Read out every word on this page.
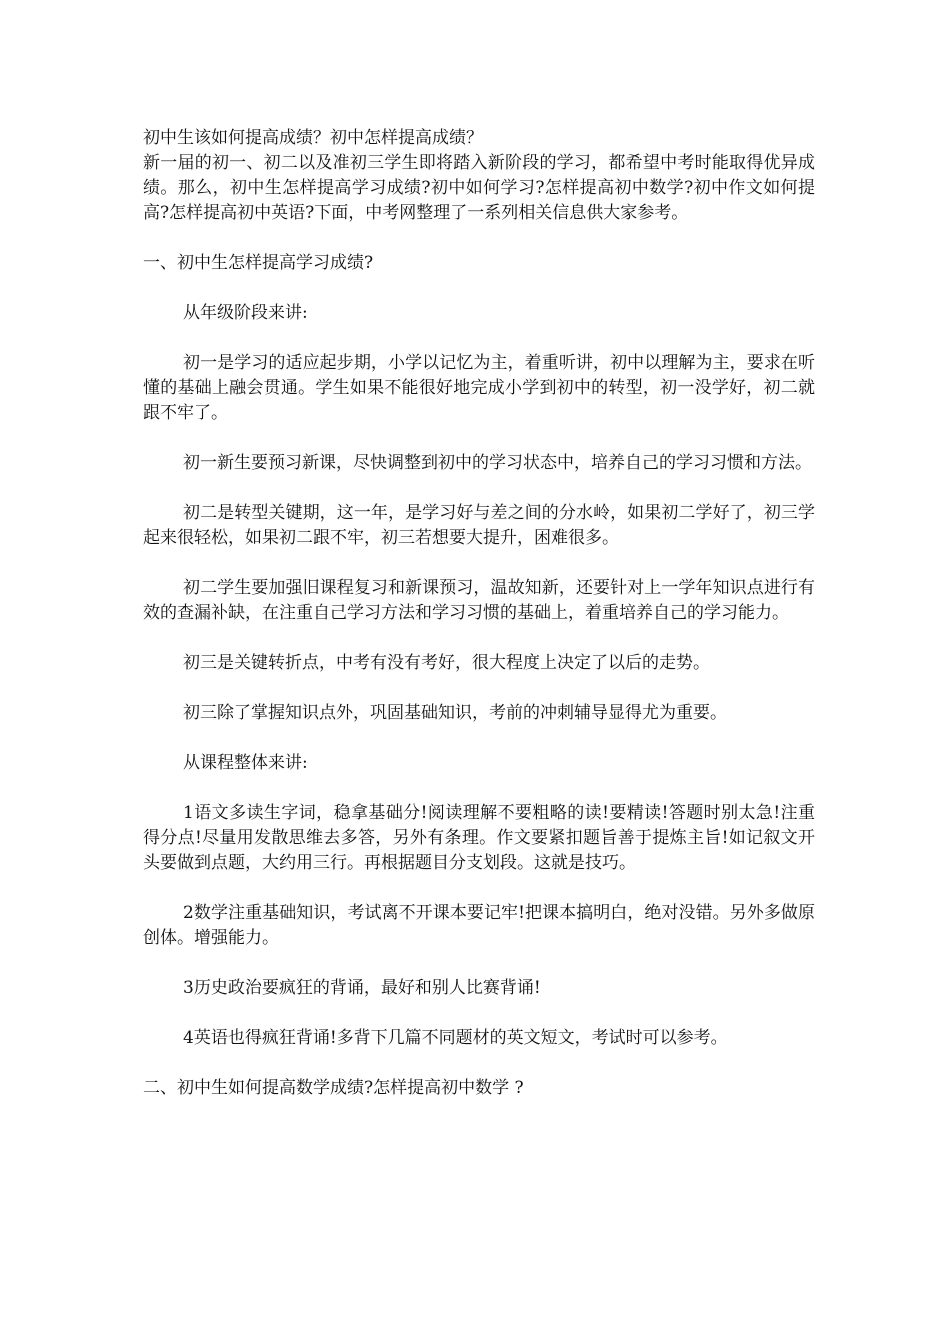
初中生该如何提高成绩？初中怎样提高成绩？

新一届的初一、初二以及准初三学生即将踏入新阶段的学习，都希望中考时能取得优异成绩。那么，初中生怎样提高学习成绩?初中如何学习?怎样提高初中数学?初中作文如何提高?怎样提高初中英语?下面，中考网整理了一系列相关信息供大家参考。

一、初中生怎样提高学习成绩?

从年级阶段来讲:

初一是学习的适应起步期，小学以记忆为主，着重听讲，初中以理解为主，要求在听懂的基础上融会贯通。学生如果不能很好地完成小学到初中的转型，初一没学好，初二就跟不牢了。

初一新生要预习新课，尽快调整到初中的学习状态中，培养自己的学习习惯和方法。

初二是转型关键期，这一年，是学习好与差之间的分水岭，如果初二学好了，初三学起来很轻松，如果初二跟不牢，初三若想要大提升，困难很多。

初二学生要加强旧课程复习和新课预习，温故知新，还要针对上一学年知识点进行有效的查漏补缺，在注重自己学习方法和学习习惯的基础上，着重培养自己的学习能力。

初三是关键转折点，中考有没有考好，很大程度上决定了以后的走势。

初三除了掌握知识点外，巩固基础知识，考前的冲刺辅导显得尤为重要。

从课程整体来讲:

1语文多读生字词，稳拿基础分!阅读理解不要粗略的读!要精读!答题时别太急!注重得分点!尽量用发散思维去多答，另外有条理。作文要紧扣题旨善于提炼主旨!如记叙文开头要做到点题，大约用三行。再根据题目分支划段。这就是技巧。

2数学注重基础知识，考试离不开课本要记牢!把课本搞明白，绝对没错。另外多做原创体。增强能力。

3历史政治要疯狂的背诵，最好和别人比赛背诵!

4英语也得疯狂背诵!多背下几篇不同题材的英文短文，考试时可以参考。

二、初中生如何提高数学成绩?怎样提高初中数学 ?
